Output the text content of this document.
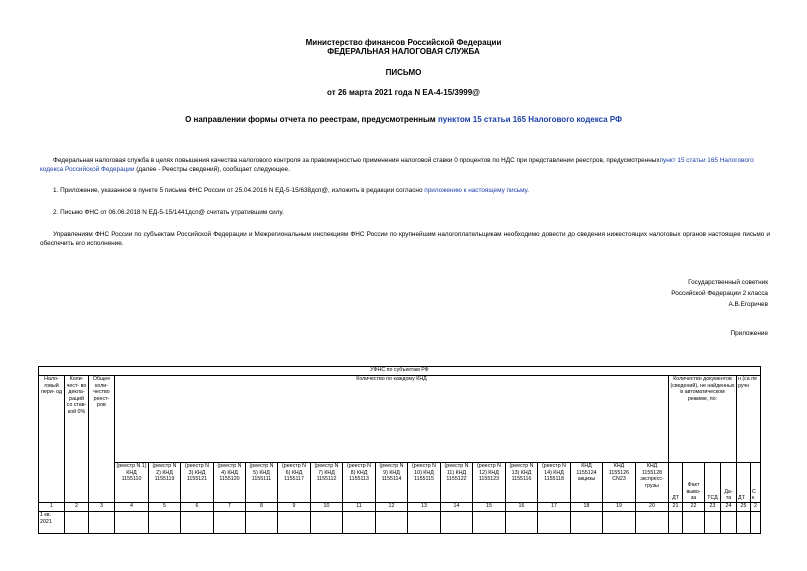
Министерство финансов Российской Федерации
ФЕДЕРАЛЬНАЯ НАЛОГОВАЯ СЛУЖБА
ПИСЬМО
от 26 марта 2021 года N ЕА-4-15/3999@
О направлении формы отчета по реестрам, предусмотренным пунктом 15 статьи 165 Налогового кодекса РФ
Федеральная налоговая служба в целях повышения качества налогового контроля за правомерностью применения налоговой ставки 0 процентов по НДС при представлении реестров, предусмотренныхпункт 15 статьи 165 Налогового кодекса Российской Федерации (далее - Реестры сведений), сообщает следующее.
1. Приложение, указанное в пункте 5 письма ФНС России от 25.04.2016 N ЕД-5-15/638дсп@, изложить в редакции согласно приложению к настоящему письму.
2. Письмо ФНС от 06.06.2018 N ЕД-5-15/1441дсп@ считать утратившим силу.
Управлениям ФНС России по субъектам Российской Федерации и Межрегиональным инспекциям ФНС России по крупнейшим налогоплательщикам необходимо довести до сведения нижестоящих налоговых органов настоящее письмо и обеспечить его исполнение.
Государственный советник
Российской Федерации 2 класса
А.В.Егоричев
Приложение
УФНС по субъектам РФ																									
Нало- говый пери- од	Коли- чест- во декла- раций со став- кой 0%	Общее коли- чество реест- ров	Количество по каждому КНД																	Количество документов (сведений), не найденных в автоматическом режиме, по:				н (са пе ручн	
			(реестр N 1) КНД 1155110	(реестр N 2) КНД 1155119	(реестр N 3) КНД 1155121	(реестр N 4) КНД 1155120	(реестр N 5) КНД 1155111	(реестр N 6) КНД 1155117	(реестр N 7) КНД 1155112	(реестр N 8) КНД 1155113	(реестр N 9) КНД 1155114	(реестр N 10) КНД 1155115	(реестр N 11) КНД 1155122	(реестр N 12) КНД 1155123	(реестр N 13) КНД 1155116	(реестр N 14) КНД 1155118	КНД 1155124 акцизы	КНД 1155126 СN23	КНД 1155128 экспресс- грузы	ДТ	Факт выво- за	ТСД	Да- та	ДТ	С к
1	2	3	4	5	6	7	8	9	10	11	12	13	14	15	16	17	18	19	20	21	22	23	24	25	2
1 кв. 2021																									
